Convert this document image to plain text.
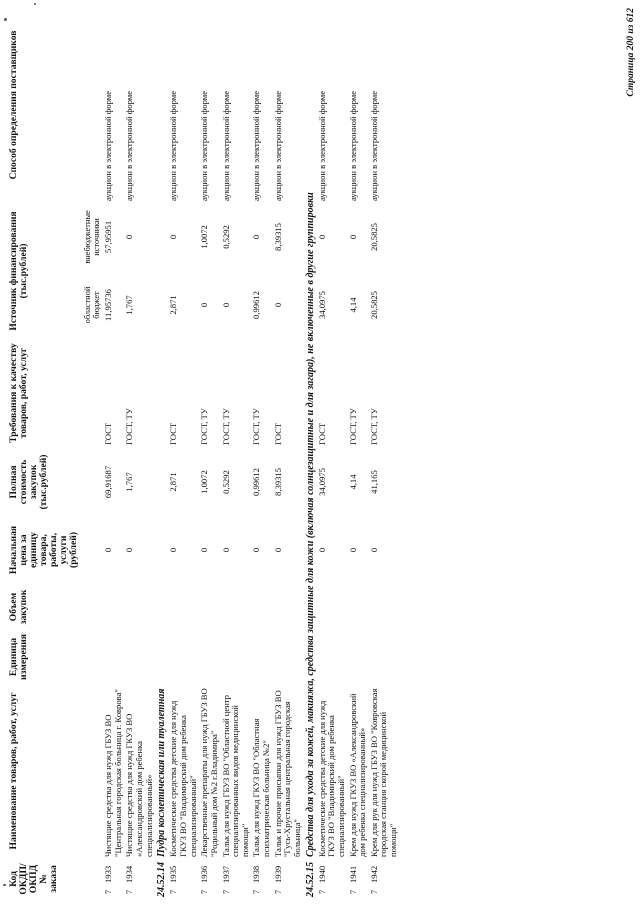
Код ОКДП/ ОКПД № заказа		Наименование товаров, работ, услуг	Единица измерения	Объем закупок	Начальная цена за единицу товара, работы, услуги (рублей)	Полная стоимость закупок (тыс.рублей)	Требования к качеству товаров, работ, услуг	Источник финансирования (тыс.рублей)		Способ определения поставщиков
								областной бюджет	внебюджетные источники	
7	1933	Чистящие средства для нужд ГБУЗ ВО "Центральная городская больница г. Коврова"			0	69,91687	ГОСТ	11,95736	57,95951	аукцион в электронной форме
7	1934	Чистящие средства для нужд ГКУЗ ВО «Александровский дом ребенка специализированный»			0	1,767	ГОСТ, ТУ	1,767	0	аукцион в электронной форме
24.52.14		Пудра косметическая или туалетная								
7	1935	Косметические средства детские для нужд ГКУЗ ВО "Владимирский дом ребенка специализированный"			0	2,871	ГОСТ	2,871	0	аукцион в электронной форме
7	1936	Лекарственные препараты для нужд ГБУЗ ВО "Родильный дом №2 г.Владимира"			0	1,0072	ГОСТ, ТУ	0	1,0072	аукцион в электронной форме
7	1937	Тальк для нужд ГБУЗ ВО "Областной центр специализированных видов медицинской помощи"			0	0,5292	ГОСТ, ТУ	0	0,5292	аукцион в электронной форме
7	1938	Тальк для нужд ГКУЗ ВО "Областная психиатрическая больница №2"			0	0,99612	ГОСТ, ТУ	0,99612	0	аукцион в электронной форме
7	1939	Тальк и прочие присыпки для нужд ГБУЗ ВО "Гусь-Хрустальная центральная городская больница"			0	8,39315	ГОСТ	0	8,39315	аукцион в электронной форме
24.52.15		Средства для ухода за кожей, макияжа, средства защитные для кожи (включая солнцезащитные и для загара), не включенные в другие группировки								
7	1940	Косметические средства детские для нужд ГКУЗ ВО "Владимирский дом ребенка специализированный"			0	34,0975	ГОСТ	34,0975	0	аукцион в электронной форме
7	1941	Крем для нужд ГКУЗ ВО «Александровский дом ребенка специализированный»			0	4,14	ГОСТ, ТУ	4,14	0	аукцион в электронной форме
7	1942	Крем для рук для нужд ГБУЗ ВО "Ковровская городская станция скорой медицинской помощи"			0	41,165	ГОСТ, ТУ	20,5825	20,5825	аукцион в электронной форме
Страница 200 из 612
